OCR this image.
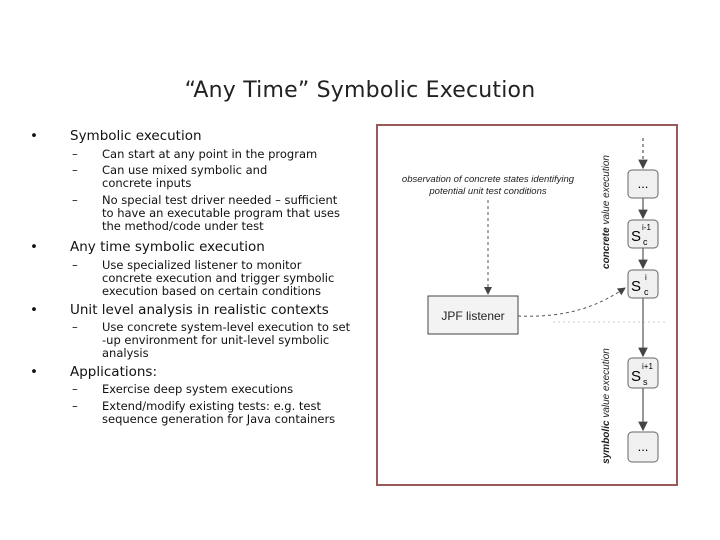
“Any Time” Symbolic Execution
• Symbolic execution
– Can start at any point in the program
– Can use mixed symbolic and concrete inputs
– No special test driver needed – sufficient to have an executable program that uses the method/code under test
• Any time symbolic execution
– Use specialized listener to monitor concrete execution and trigger symbolic execution based on certain conditions
• Unit level analysis in realistic contexts
– Use concrete system-level execution to set -up environment for unit-level symbolic analysis
• Applications:
– Exercise deep system executions
– Extend/modify existing tests: e.g. test sequence generation for Java containers
...
S
i-1
c
S
i
c
S
i+1
s
...
concrete value execution
symbolic value execution
observation of concrete states identifying
potential unit test conditions
JPF listener
